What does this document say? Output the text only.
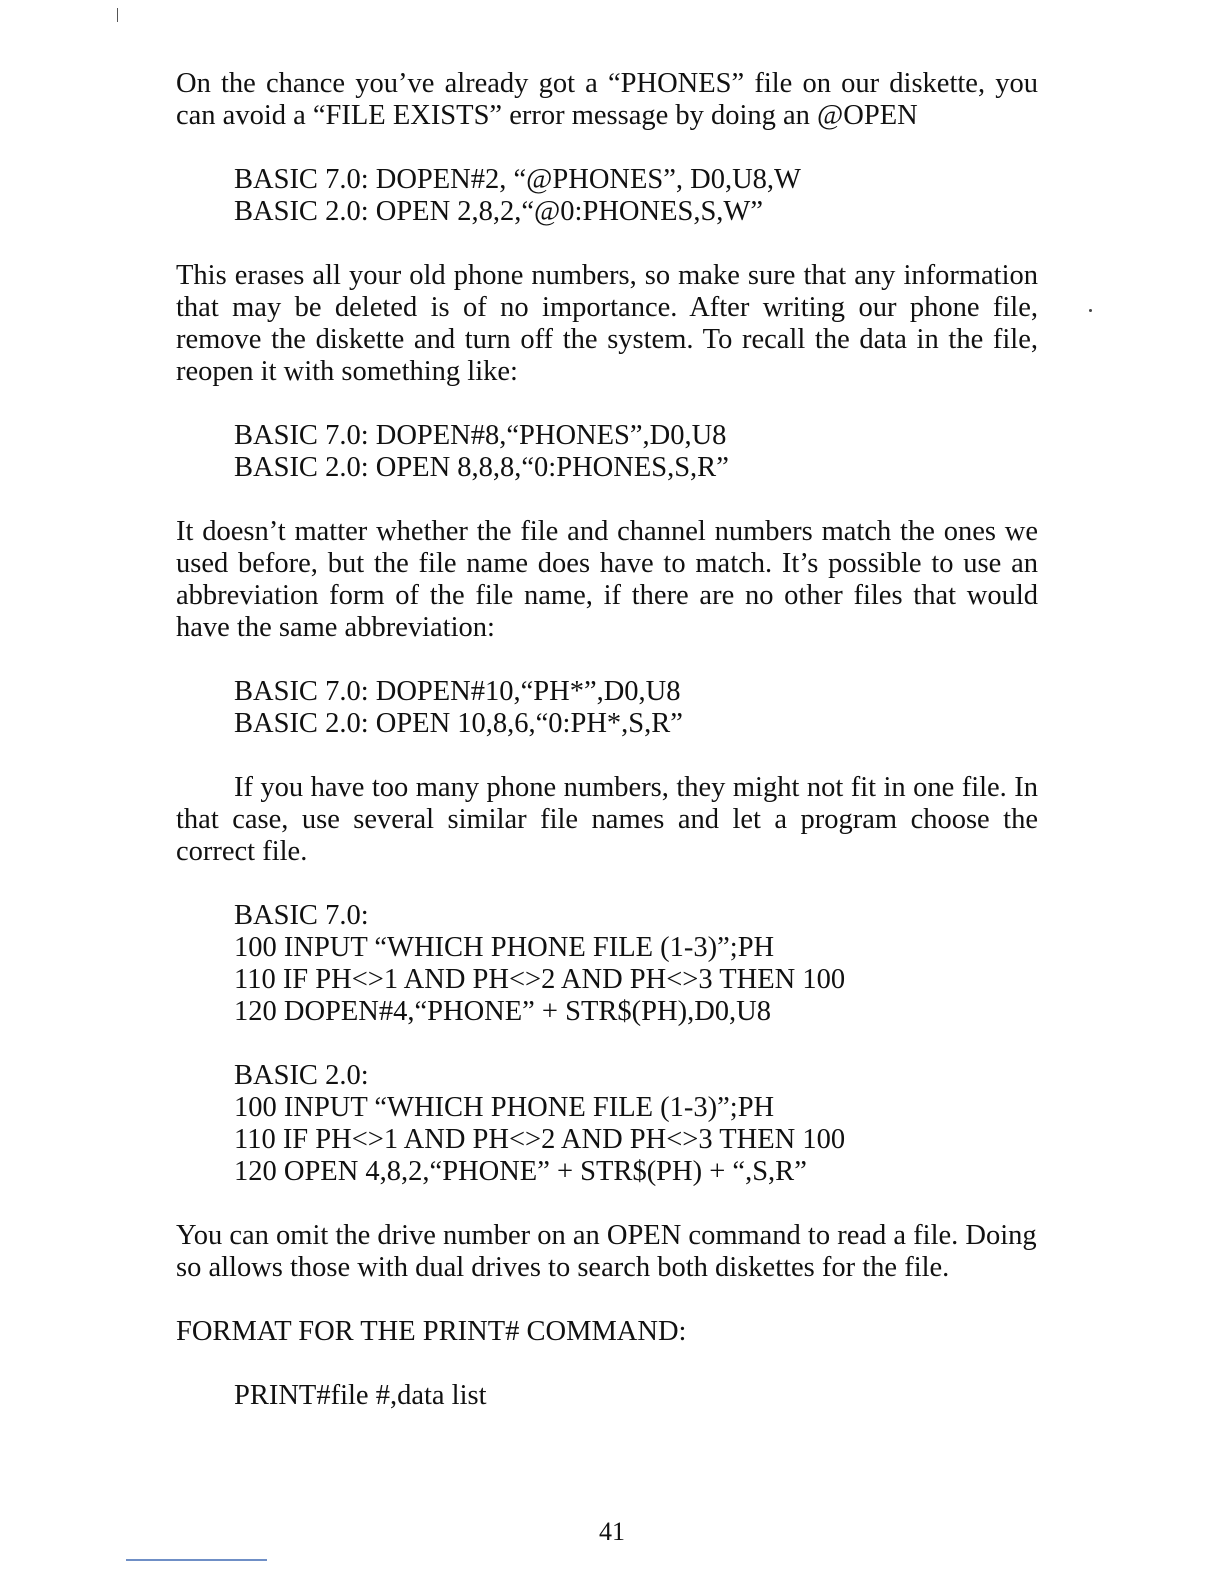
On the chance you’ve already got a “PHONES” file on our diskette, you can avoid a “FILE EXISTS” error message by doing an @OPEN

BASIC 7.0: DOPEN#2, “@PHONES”, D0,U8,W
BASIC 2.0: OPEN 2,8,2,“@0:PHONES,S,W”

This erases all your old phone numbers, so make sure that any information that may be deleted is of no importance. After writing our phone file, remove the diskette and turn off the system. To recall the data in the file, reopen it with something like:

BASIC 7.0: DOPEN#8,“PHONES”,D0,U8
BASIC 2.0: OPEN 8,8,8,“0:PHONES,S,R”

It doesn’t matter whether the file and channel numbers match the ones we used before, but the file name does have to match. It’s possible to use an abbreviation form of the file name, if there are no other files that would have the same abbreviation:

BASIC 7.0: DOPEN#10,“PH*”,D0,U8
BASIC 2.0: OPEN 10,8,6,“0:PH*,S,R”

If you have too many phone numbers, they might not fit in one file. In that case, use several similar file names and let a program choose the correct file.

BASIC 7.0:
100 INPUT “WHICH PHONE FILE (1-3)”;PH
110 IF PH<>1 AND PH<>2 AND PH<>3 THEN 100
120 DOPEN#4,“PHONE” + STR$(PH),D0,U8
BASIC 2.0:
100 INPUT “WHICH PHONE FILE (1-3)”;PH
110 IF PH<>1 AND PH<>2 AND PH<>3 THEN 100
120 OPEN 4,8,2,“PHONE” + STR$(PH) + “,S,R”

You can omit the drive number on an OPEN command to read a file. Doing so allows those with dual drives to search both diskettes for the file.

FORMAT FOR THE PRINT# COMMAND:

PRINT#file #,data list
41
